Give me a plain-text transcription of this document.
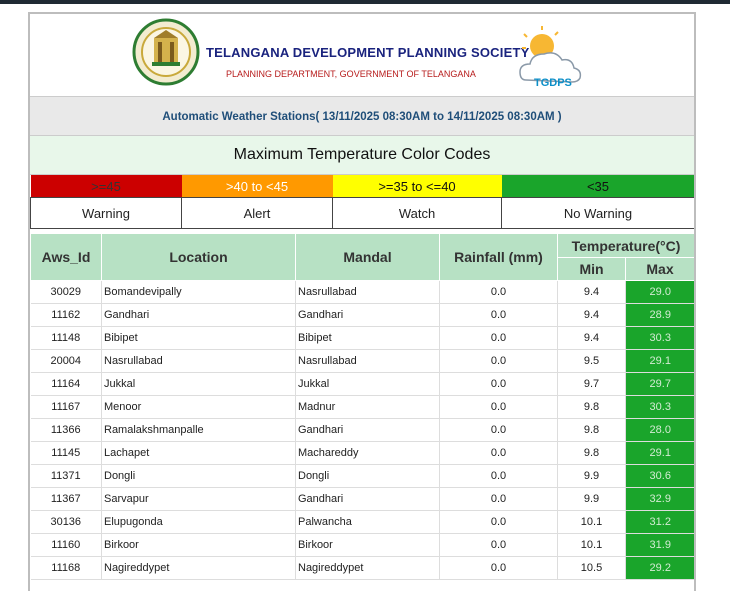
TELANGANA DEVELOPMENT PLANNING SOCIETY
PLANNING DEPARTMENT, GOVERNMENT OF TELANGANA
TGDPS
Automatic Weather Stations( 13/11/2025 08:30AM to 14/11/2025 08:30AM )
Maximum Temperature Color Codes
>=45	>40 to <45	>=35 to <=40	<35
Warning	Alert	Watch	No Warning
Aws_Id	Location	Mandal	Rainfall (mm)	Temperature(°C)	
				Min	Max
30029	Bomandevipally	Nasrullabad	0.0	9.4	29.0
11162	Gandhari	Gandhari	0.0	9.4	28.9
11148	Bibipet	Bibipet	0.0	9.4	30.3
20004	Nasrullabad	Nasrullabad	0.0	9.5	29.1
11164	Jukkal	Jukkal	0.0	9.7	29.7
11167	Menoor	Madnur	0.0	9.8	30.3
11366	Ramalakshmanpalle	Gandhari	0.0	9.8	28.0
11145	Lachapet	Machareddy	0.0	9.8	29.1
11371	Dongli	Dongli	0.0	9.9	30.6
11367	Sarvapur	Gandhari	0.0	9.9	32.9
30136	Elupugonda	Palwancha	0.0	10.1	31.2
11160	Birkoor	Birkoor	0.0	10.1	31.9
11168	Nagireddypet	Nagireddypet	0.0	10.5	29.2
